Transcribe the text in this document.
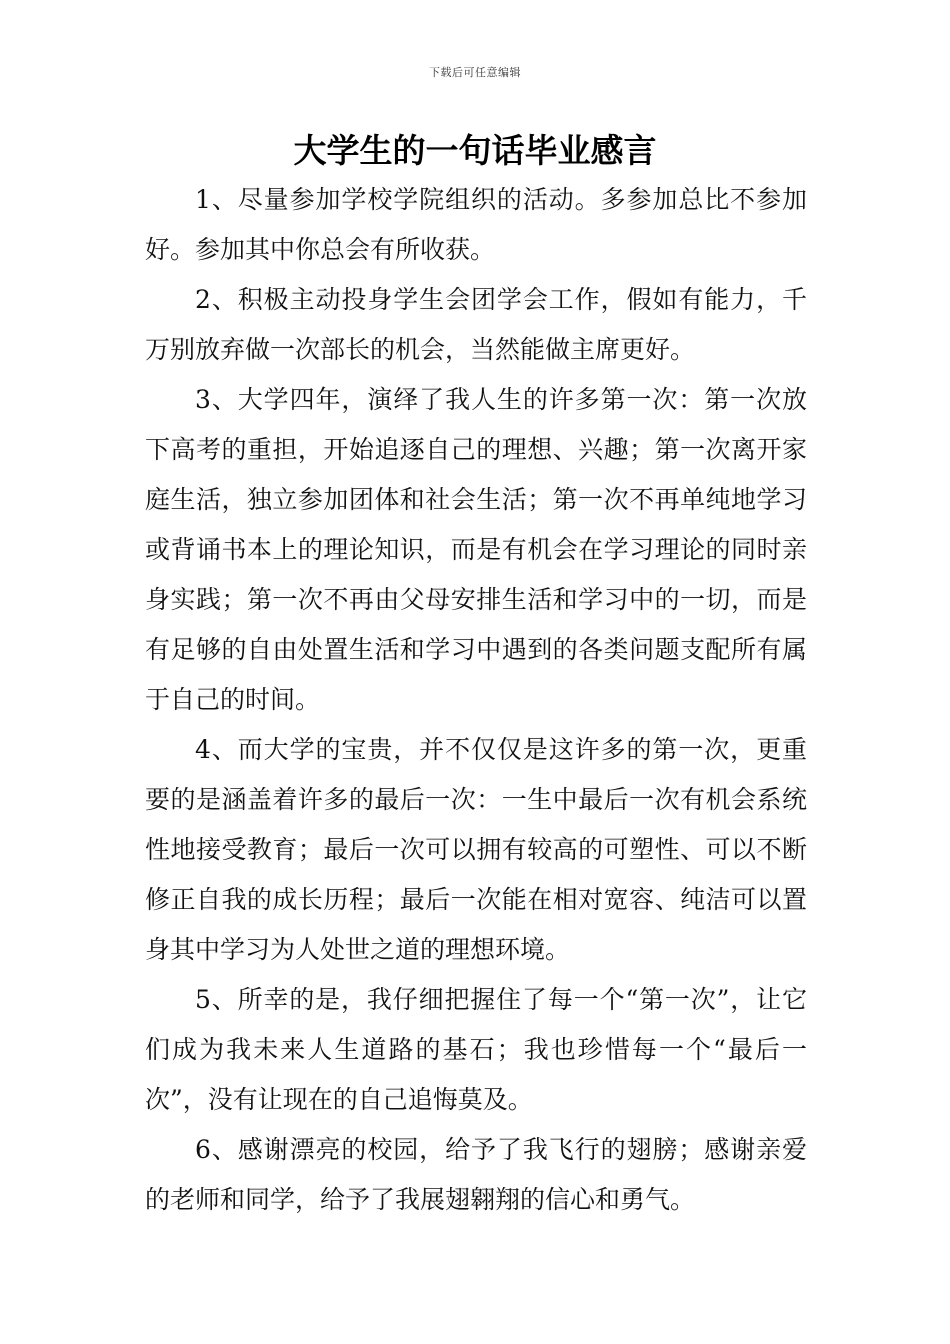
下载后可任意编辑
大学生的一句话毕业感言

1、尽量参加学校学院组织的活动。多参加总比不参加好。参加其中你总会有所收获。

2、积极主动投身学生会团学会工作，假如有能力，千万别放弃做一次部长的机会，当然能做主席更好。

3、大学四年，演绎了我人生的许多第一次：第一次放下高考的重担，开始追逐自己的理想、兴趣；第一次离开家庭生活，独立参加团体和社会生活；第一次不再单纯地学习或背诵书本上的理论知识，而是有机会在学习理论的同时亲身实践；第一次不再由父母安排生活和学习中的一切，而是有足够的自由处置生活和学习中遇到的各类问题支配所有属于自己的时间。

4、而大学的宝贵，并不仅仅是这许多的第一次，更重要的是涵盖着许多的最后一次：一生中最后一次有机会系统性地接受教育；最后一次可以拥有较高的可塑性、可以不断修正自我的成长历程；最后一次能在相对宽容、纯洁可以置身其中学习为人处世之道的理想环境。

5、所幸的是，我仔细把握住了每一个“第一次”，让它们成为我未来人生道路的基石；我也珍惜每一个“最后一次”，没有让现在的自己追悔莫及。

6、感谢漂亮的校园，给予了我飞行的翅膀；感谢亲爱的老师和同学，给予了我展翅翱翔的信心和勇气。
